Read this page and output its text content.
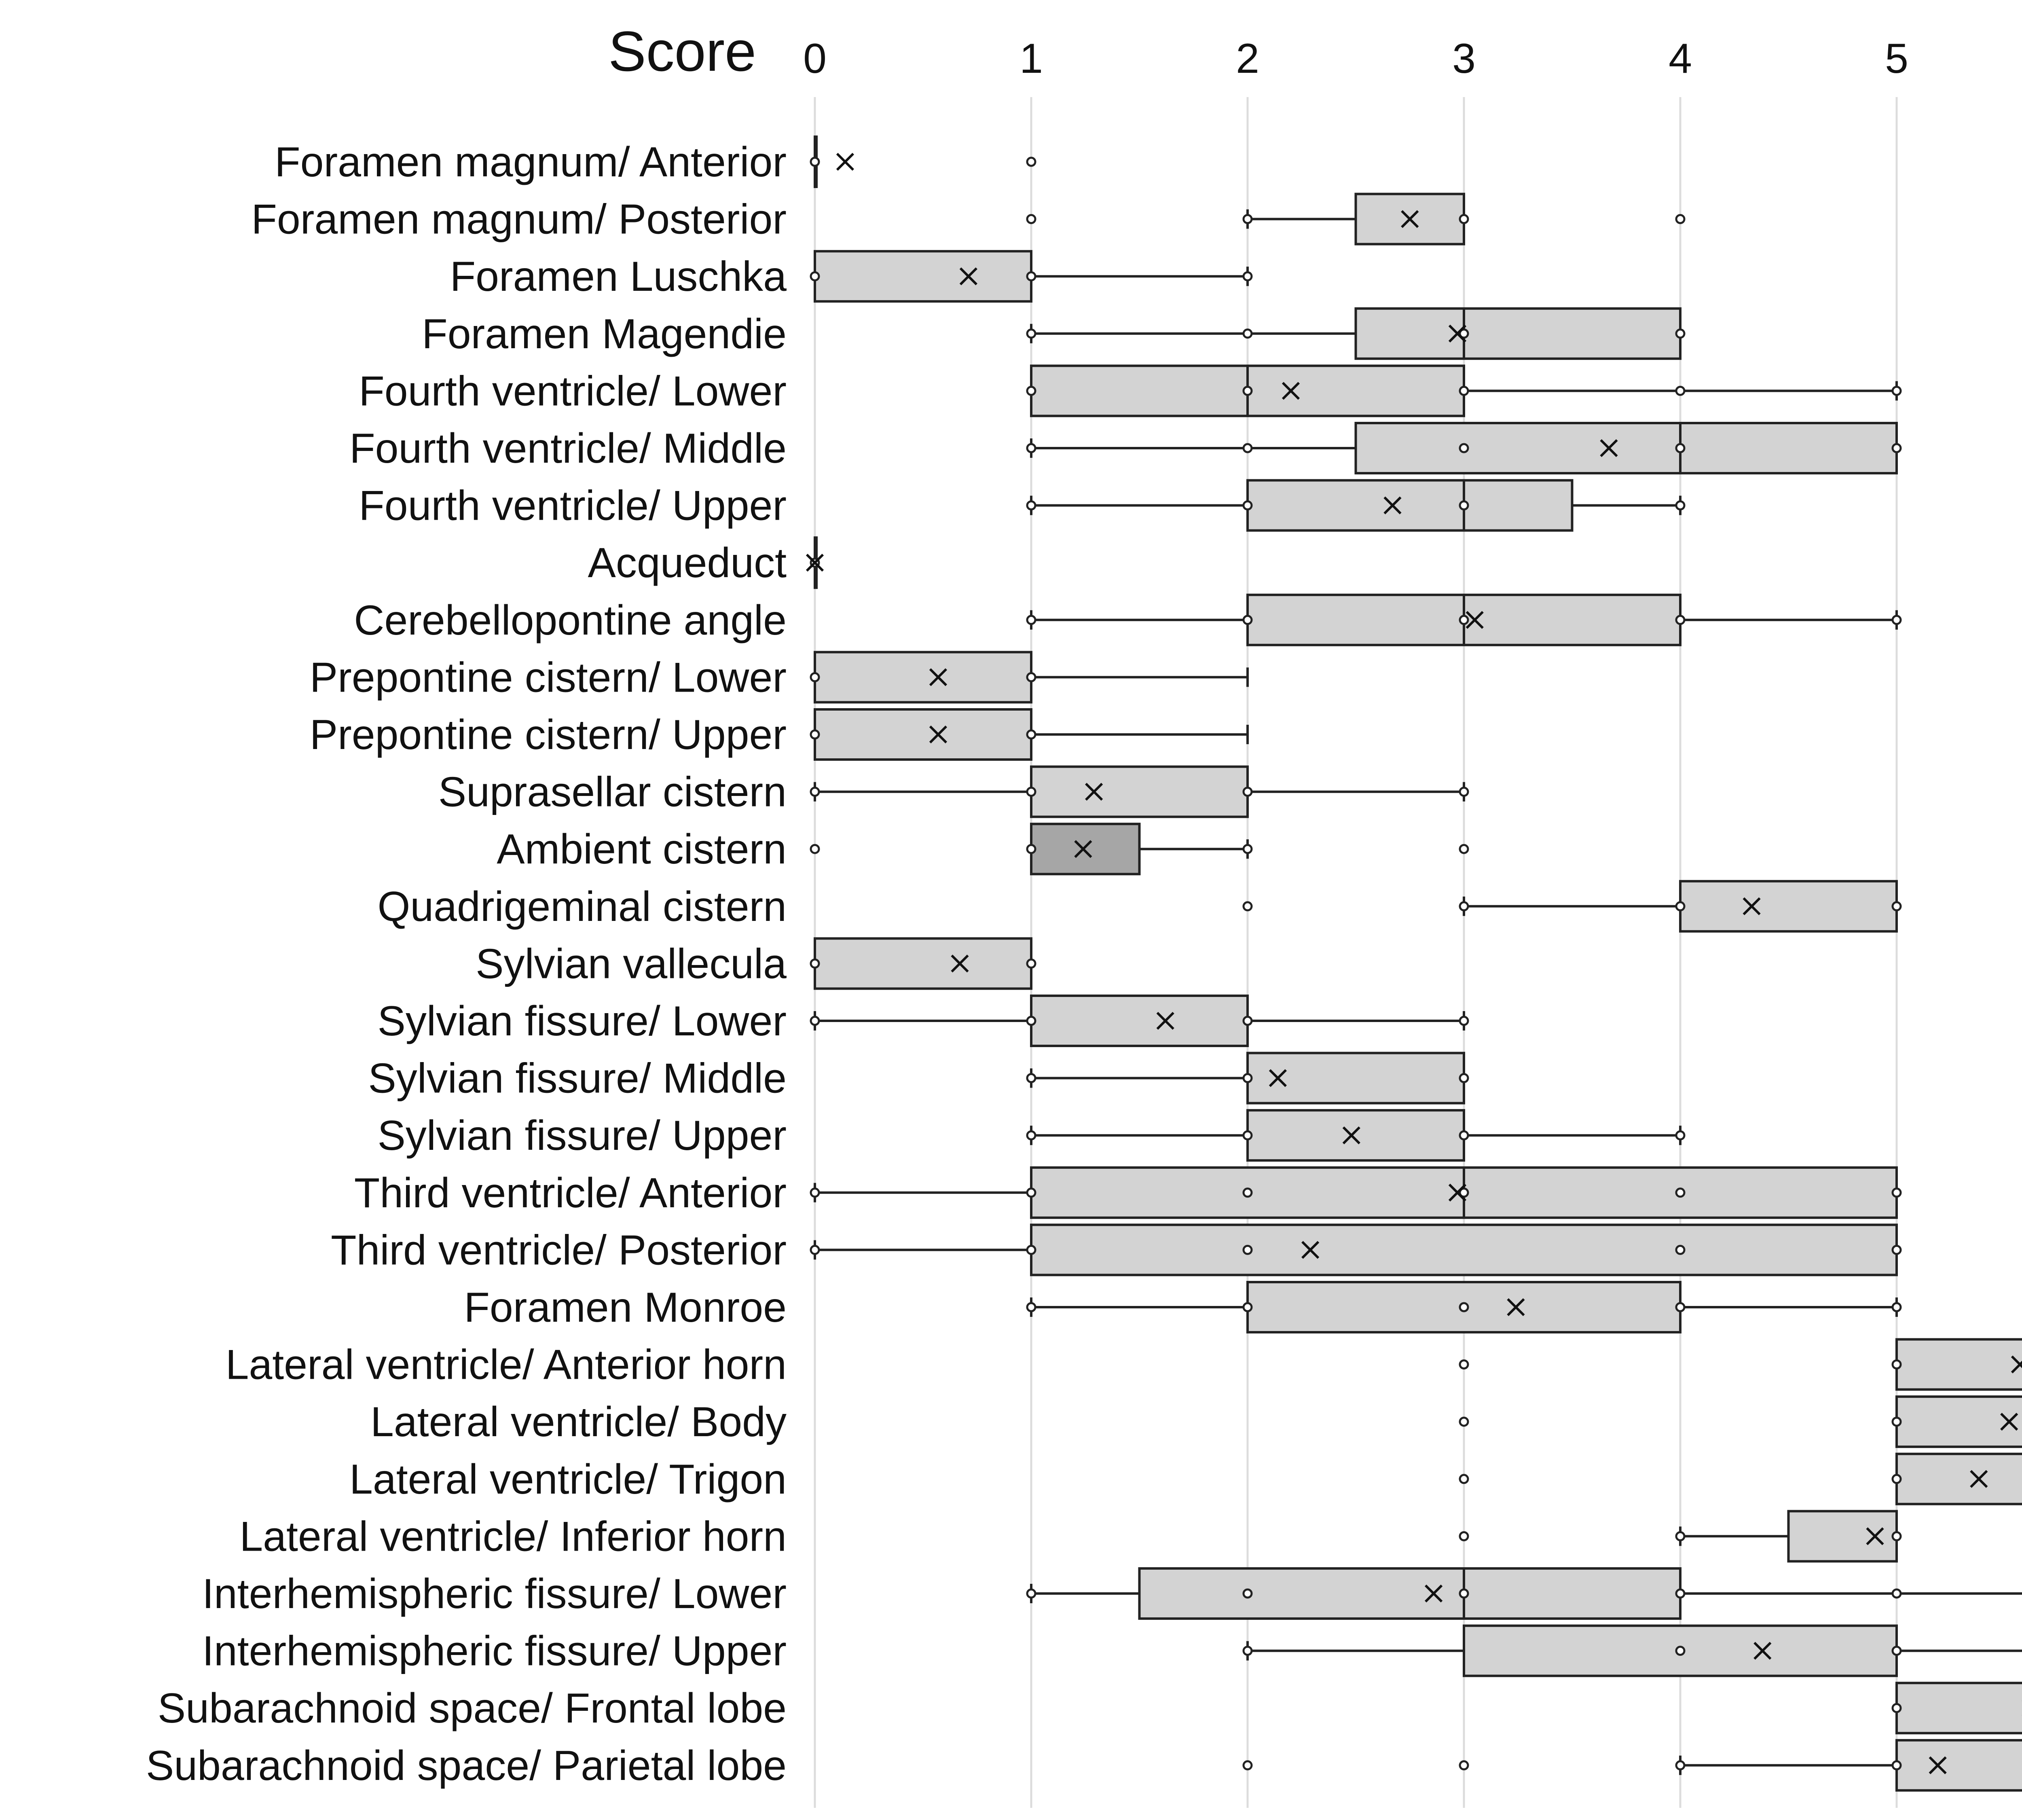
0	1	2	3	4	5
Score
Foramen magnum/ Anterior
Foramen magnum/ Posterior
Foramen Luschka
Foramen Magendie
Fourth ventricle/ Lower
Fourth ventricle/ Middle
Fourth ventricle/ Upper
Acqueduct
Cerebellopontine angle
Prepontine cistern/ Lower
Prepontine cistern/ Upper
Suprasellar cistern
Ambient cistern
Quadrigeminal cistern
Sylvian vallecula
Sylvian fissure/ Lower
Sylvian fissure/ Middle
Sylvian fissure/ Upper
Third ventricle/ Anterior
Third ventricle/ Posterior
Foramen Monroe
Lateral ventricle/ Anterior horn
Lateral ventricle/ Body
Lateral ventricle/ Trigon
Lateral ventricle/ Inferior horn
Interhemispheric fissure/ Lower
Interhemispheric fissure/ Upper
Subarachnoid space/ Frontal lobe
Subarachnoid space/ Parietal lobe
